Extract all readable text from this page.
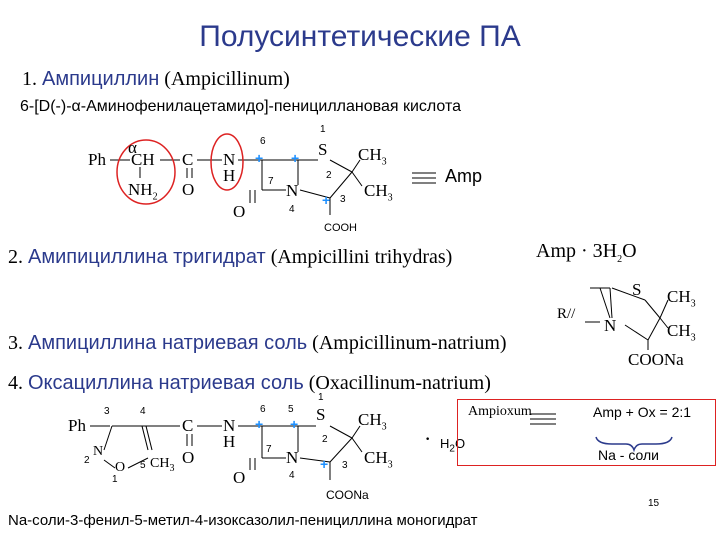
Полусинтетические ПА
1. Ампициллин (Ampicillinum)
6-[D(-)-α-Аминофенилацетамидо]-пенициллановая кислота
α
Ph CH C N
H
$NH_2$ O
O
S
N
$CH_3$
$CH_3$
COOH
6
1
2
3
4
7
+ +
+
Amp
2. Амипициллина тригидрат (Ampicillini trihydras)	Amp · $3H_2O$
S
R//
N
$CH_3$
$CH_3$
COONa
3. Ампициллина натриевая соль (Ampicillinum-natrium)
4. Оксациллина натриевая соль (Oxacillinum-natrium)
Ph
N
O $CH_3$
C
O
N
H
O
S
N
$CH_3$
$CH_3$
COONa
3	4
2
1
5
6 5
1
2
3
4
7
+ +
+
· $H_2O$
Ampioxum	Amp + Ox = 2:1
Na - соли
Na-соли-3-фенил-5-метил-4-изоксазолил-пенициллина моногидрат
15
